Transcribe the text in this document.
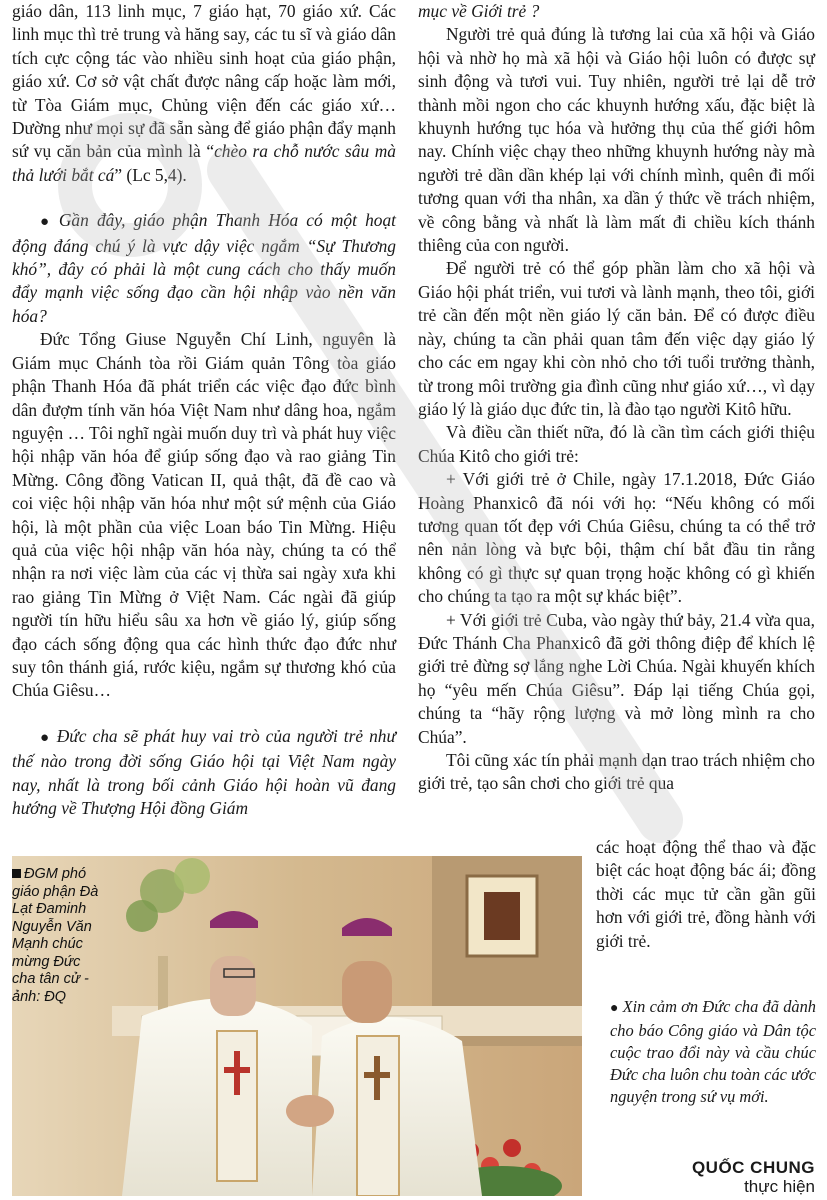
giáo dân, 113 linh mục, 7 giáo hạt, 70 giáo xứ. Các linh mục thì trẻ trung và hăng say, các tu sĩ và giáo dân tích cực cộng tác vào nhiều sinh hoạt của giáo phận, giáo xứ. Cơ sở vật chất được nâng cấp hoặc làm mới, từ Tòa Giám mục, Chủng viện đến các giáo xứ… Dường như mọi sự đã sẵn sàng để giáo phận đẩy mạnh sứ vụ căn bản của mình là “chèo ra chỗ nước sâu mà thả lưới bắt cá” (Lc 5,4).

● Gần đây, giáo phận Thanh Hóa có một hoạt động đáng chú ý là vực dậy việc ngắm “Sự Thương khó”, đây có phải là một cung cách cho thấy muốn đẩy mạnh việc sống đạo cần hội nhập vào nền văn hóa?

Đức Tổng Giuse Nguyễn Chí Linh, nguyên là Giám mục Chánh tòa rồi Giám quản Tông tòa giáo phận Thanh Hóa đã phát triển các việc đạo đức bình dân đượm tính văn hóa Việt Nam như dâng hoa, ngắm nguyện … Tôi nghĩ ngài muốn duy trì và phát huy việc hội nhập văn hóa để giúp sống đạo và rao giảng Tin Mừng. Công đồng Vatican II, quả thật, đã đề cao và coi việc hội nhập văn hóa như một sứ mệnh của Giáo hội, là một phần của việc Loan báo Tin Mừng. Hiệu quả của việc hội nhập văn hóa này, chúng ta có thể nhận ra nơi việc làm của các vị thừa sai ngày xưa khi rao giảng Tin Mừng ở Việt Nam. Các ngài đã giúp người tín hữu hiểu sâu xa hơn về giáo lý, giúp sống đạo cách sống động qua các hình thức đạo đức như suy tôn thánh giá, rước kiệu, ngắm sự thương khó của Chúa Giêsu…

● Đức cha sẽ phát huy vai trò của người trẻ như thế nào trong đời sống Giáo hội tại Việt Nam ngày nay, nhất là trong bối cảnh Giáo hội hoàn vũ đang hướng về Thượng Hội đồng Giám

mục về Giới trẻ ?

Người trẻ quả đúng là tương lai của xã hội và Giáo hội và nhờ họ mà xã hội và Giáo hội luôn có được sự sinh động và tươi vui. Tuy nhiên, người trẻ lại dễ trở thành mồi ngon cho các khuynh hướng xấu, đặc biệt là khuynh hướng tục hóa và hưởng thụ của thế giới hôm nay. Chính việc chạy theo những khuynh hướng này mà người trẻ dần dần khép lại với chính mình, quên đi mối tương quan với tha nhân, xa dần ý thức về trách nhiệm, về công bằng và nhất là làm mất đi chiều kích thánh thiêng của con người.

Để người trẻ có thể góp phần làm cho xã hội và Giáo hội phát triển, vui tươi và lành mạnh, theo tôi, giới trẻ cần đến một nền giáo lý căn bản. Để có được điều này, chúng ta cần phải quan tâm đến việc dạy giáo lý cho các em ngay khi còn nhỏ cho tới tuổi trưởng thành, từ trong môi trường gia đình cũng như giáo xứ…, vì dạy giáo lý là giáo dục đức tin, là đào tạo người Kitô hữu.

Và điều cần thiết nữa, đó là cần tìm cách giới thiệu Chúa Kitô cho giới trẻ:

+ Với giới trẻ ở Chile, ngày 17.1.2018, Đức Giáo Hoàng Phanxicô đã nói với họ: “Nếu không có mối tương quan tốt đẹp với Chúa Giêsu, chúng ta có thể trở nên nản lòng và bực bội, thậm chí bắt đầu tin rằng không có gì thực sự quan trọng hoặc không có gì khiến cho chúng ta tạo ra một sự khác biệt”.

+ Với giới trẻ Cuba, vào ngày thứ bảy, 21.4 vừa qua, Đức Thánh Cha Phanxicô đã gởi thông điệp để khích lệ giới trẻ đừng sợ lắng nghe Lời Chúa. Ngài khuyến khích họ “yêu mến Chúa Giêsu”. Đáp lại tiếng Chúa gọi, chúng ta “hãy rộng lượng và mở lòng mình ra cho Chúa”.

Tôi cũng xác tín phải mạnh dạn trao trách nhiệm cho giới trẻ, tạo sân chơi cho giới trẻ qua

các hoạt động thể thao và đặc biệt các hoạt động bác ái; đồng thời các mục tử cần gần gũi hơn với giới trẻ, đồng hành với giới trẻ.
ĐGM phó giáo phận Đà Lạt Đaminh Nguyễn Văn Mạnh chúc mừng Đức cha tân cử - ảnh: ĐQ
● Xin cảm ơn Đức cha đã dành cho báo Công giáo và Dân tộc cuộc trao đổi này và cầu chúc Đức cha luôn chu toàn các ước nguyện trong sứ vụ mới.
QUỐC CHUNG
thực hiện
